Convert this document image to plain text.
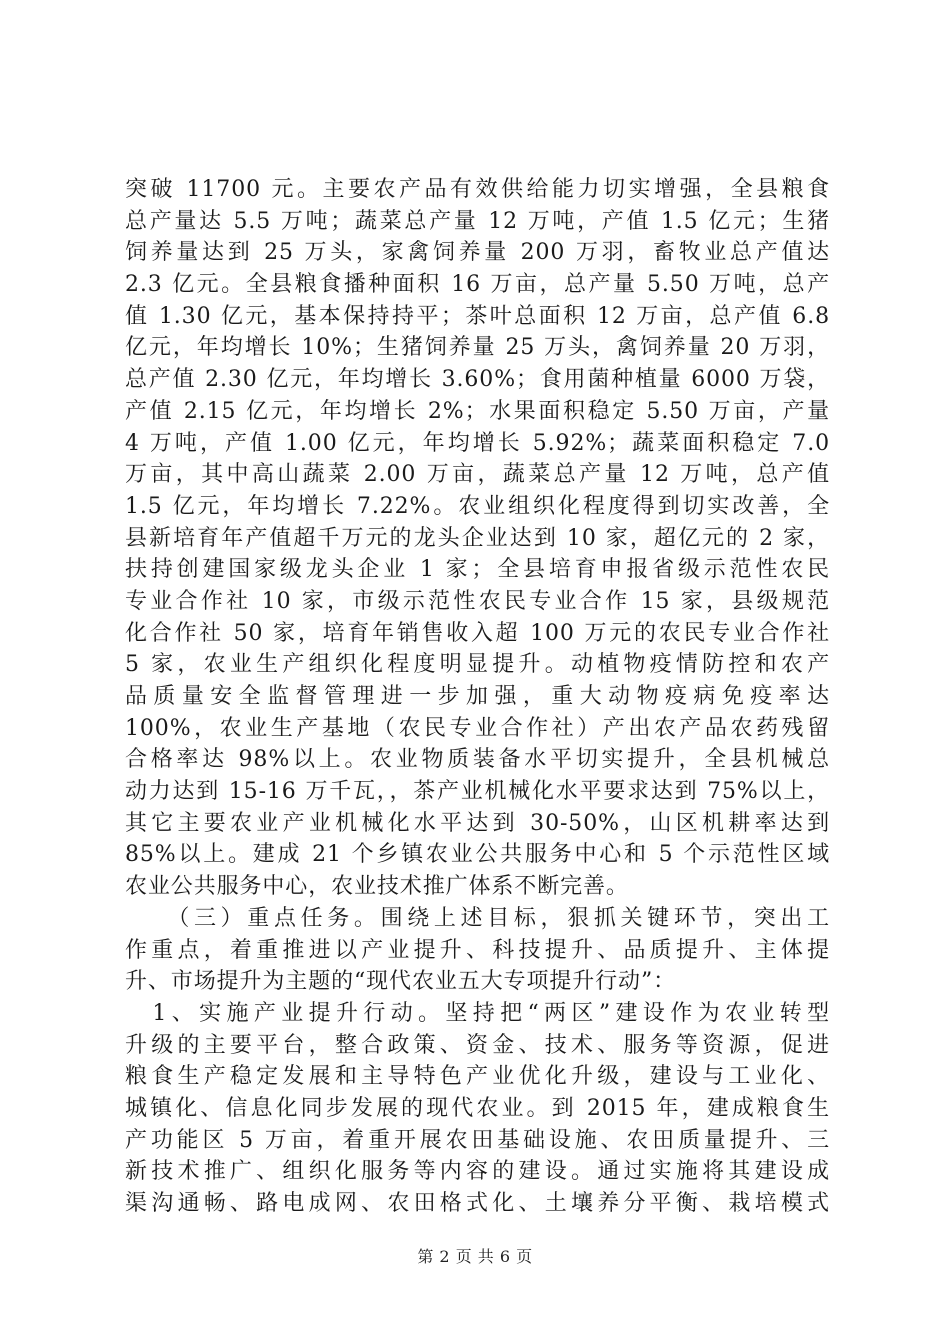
突破 11700 元。主要农产品有效供给能力切实增强，全县粮食
总产量达 5.5 万吨；蔬菜总产量 12 万吨，产值 1.5 亿元；生猪
饲养量达到 25 万头，家禽饲养量 200 万羽，畜牧业总产值达
2.3 亿元。全县粮食播种面积 16 万亩，总产量 5.50 万吨，总产
值 1.30 亿元，基本保持持平；茶叶总面积 12 万亩，总产值 6.8
亿元，年均增长 10%；生猪饲养量 25 万头，禽饲养量 20 万羽，
总产值 2.30 亿元，年均增长 3.60%；食用菌种植量 6000 万袋，
产值 2.15 亿元，年均增长 2%；水果面积稳定 5.50 万亩，产量
4 万吨，产值 1.00 亿元，年均增长 5.92%；蔬菜面积稳定 7.0
万亩，其中高山蔬菜 2.00 万亩，蔬菜总产量 12 万吨，总产值
1.5 亿元，年均增长 7.22%。农业组织化程度得到切实改善，全
县新培育年产值超千万元的龙头企业达到 10 家，超亿元的 2 家，
扶持创建国家级龙头企业 1 家；全县培育申报省级示范性农民
专业合作社 10 家，市级示范性农民专业合作 15 家，县级规范
化合作社 50 家，培育年销售收入超 100 万元的农民专业合作社
5 家，农业生产组织化程度明显提升。动植物疫情防控和农产
品质量安全监督管理进一步加强，重大动物疫病免疫率达
100%，农业生产基地（农民专业合作社）产出农产品农药残留
合格率达 98%以上。农业物质装备水平切实提升，全县机械总
动力达到 15-16 万千瓦，，茶产业机械化水平要求达到 75%以上，
其它主要农业产业机械化水平达到 30-50%，山区机耕率达到
85%以上。建成 21 个乡镇农业公共服务中心和 5 个示范性区域
农业公共服务中心，农业技术推广体系不断完善。
　　（三）重点任务。围绕上述目标，狠抓关键环节，突出工
作重点，着重推进以产业提升、科技提升、品质提升、主体提
升、市场提升为主题的“现代农业五大专项提升行动”：
　1、实施产业提升行动。坚持把“两区”建设作为农业转型
升级的主要平台，整合政策、资金、技术、服务等资源，促进
粮食生产稳定发展和主导特色产业优化升级，建设与工业化、
城镇化、信息化同步发展的现代农业。到 2015 年，建成粮食生
产功能区 5 万亩，着重开展农田基础设施、农田质量提升、三
新技术推广、组织化服务等内容的建设。通过实施将其建设成
渠沟通畅、路电成网、农田格式化、土壤养分平衡、栽培模式
第 2 页 共 6 页
